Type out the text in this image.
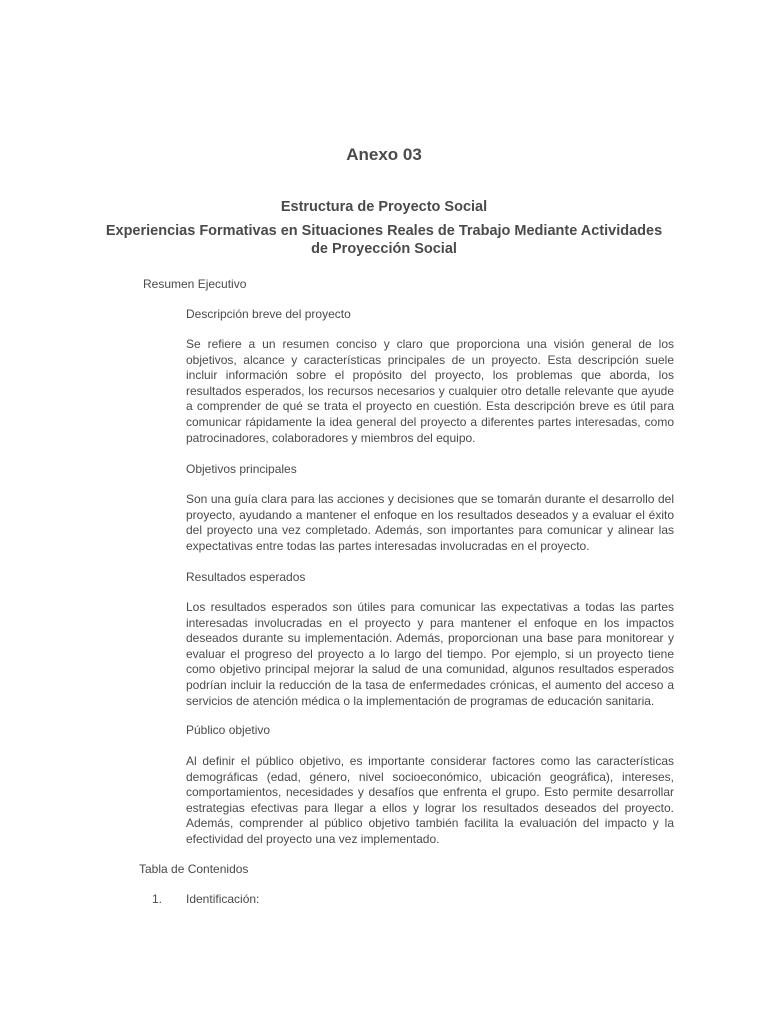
Anexo 03
Estructura de Proyecto Social
Experiencias Formativas en Situaciones Reales de Trabajo Mediante Actividades de Proyección Social
Resumen Ejecutivo
Descripción breve del proyecto
Se refiere a un resumen conciso y claro que proporciona una visión general de los objetivos, alcance y características principales de un proyecto. Esta descripción suele incluir información sobre el propósito del proyecto, los problemas que aborda, los resultados esperados, los recursos necesarios y cualquier otro detalle relevante que ayude a comprender de qué se trata el proyecto en cuestión. Esta descripción breve es útil para comunicar rápidamente la idea general del proyecto a diferentes partes interesadas, como patrocinadores, colaboradores y miembros del equipo.
Objetivos principales
Son una guía clara para las acciones y decisiones que se tomarán durante el desarrollo del proyecto, ayudando a mantener el enfoque en los resultados deseados y a evaluar el éxito del proyecto una vez completado. Además, son importantes para comunicar y alinear las expectativas entre todas las partes interesadas involucradas en el proyecto.
Resultados esperados
Los resultados esperados son útiles para comunicar las expectativas a todas las partes interesadas involucradas en el proyecto y para mantener el enfoque en los impactos deseados durante su implementación. Además, proporcionan una base para monitorear y evaluar el progreso del proyecto a lo largo del tiempo. Por ejemplo, si un proyecto tiene como objetivo principal mejorar la salud de una comunidad, algunos resultados esperados podrían incluir la reducción de la tasa de enfermedades crónicas, el aumento del acceso a servicios de atención médica o la implementación de programas de educación sanitaria.
Público objetivo
Al definir el público objetivo, es importante considerar factores como las características demográficas (edad, género, nivel socioeconómico, ubicación geográfica), intereses, comportamientos, necesidades y desafíos que enfrenta el grupo. Esto permite desarrollar estrategias efectivas para llegar a ellos y lograr los resultados deseados del proyecto. Además, comprender al público objetivo también facilita la evaluación del impacto y la efectividad del proyecto una vez implementado.
Tabla de Contenidos
1. Identificación:
